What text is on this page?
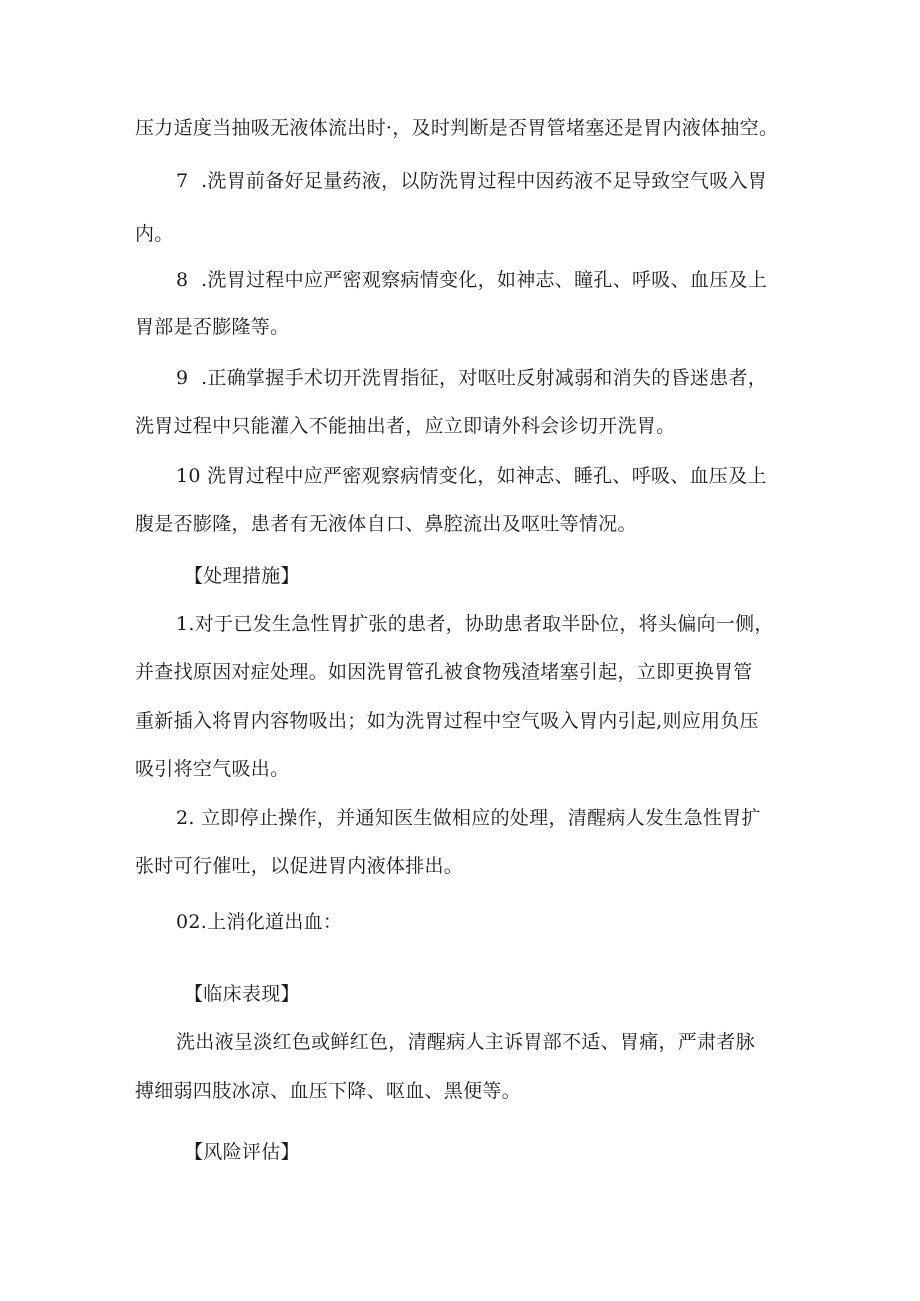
压力适度当抽吸无液体流出时·，及时判断是否胃管堵塞还是胃内液体抽空。
7  .洗胃前备好足量药液，以防洗胃过程中因药液不足导致空气吸入胃
内。
8  .洗胃过程中应严密观察病情变化，如神志、瞳孔、呼吸、血压及上
胃部是否膨隆等。
9  .正确掌握手术切开洗胃指征，对呕吐反射减弱和消失的昏迷患者，
洗胃过程中只能灌入不能抽出者，应立即请外科会诊切开洗胃。
10 洗胃过程中应严密观察病情变化，如神志、睡孔、呼吸、血压及上
腹是否膨隆，患者有无液体自口、鼻腔流出及呕吐等情况。
【处理措施】
1.对于已发生急性胃扩张的患者，协助患者取半卧位，将头偏向一侧，
并查找原因对症处理。如因洗胃管孔被食物残渣堵塞引起，立即更换胃管
重新插入将胃内容物吸出；如为洗胃过程中空气吸入胃内引起,则应用负压
吸引将空气吸出。
2. 立即停止操作，并通知医生做相应的处理，清醒病人发生急性胃扩
张时可行催吐，以促进胃内液体排出。
02.上消化道出血：
【临床表现】
洗出液呈淡红色或鲜红色，清醒病人主诉胃部不适、胃痛，严肃者脉
搏细弱四肢冰凉、血压下降、呕血、黑便等。
【风险评估】
